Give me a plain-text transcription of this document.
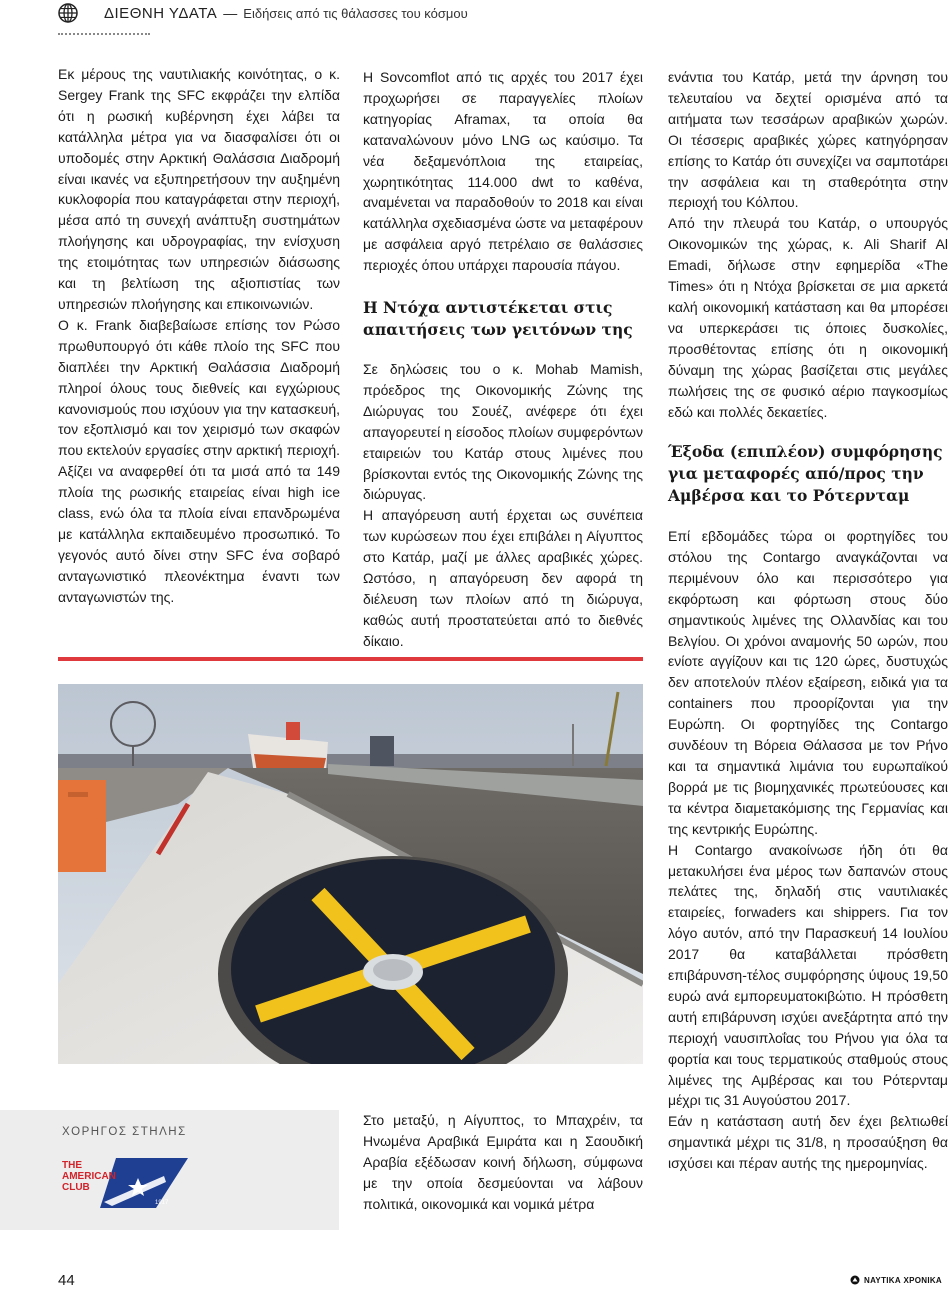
ΔΙΕΘΝΗ ΥΔΑΤΑ — Ειδήσεις από τις θάλασσες του κόσμου

Εκ μέρους της ναυτιλιακής κοινότητας, ο κ. Sergey Frank της SFC εκφράζει την ελπίδα ότι η ρωσική κυβέρνηση έχει λάβει τα κατάλληλα μέτρα για να διασφαλίσει ότι οι υποδομές στην Αρκτική Θαλάσσια Διαδρομή είναι ικανές να εξυπηρετήσουν την αυξημένη κυκλοφορία που καταγράφεται στην περιοχή, μέσα από τη συνεχή ανάπτυξη συστημάτων πλοήγησης και υδρογραφίας, την ενίσχυση της ετοιμότητας των υπηρεσιών διάσωσης και τη βελτίωση της αξιοπιστίας των υπηρεσιών πλοήγησης και επικοινωνιών.

Ο κ. Frank διαβεβαίωσε επίσης τον Ρώσο πρωθυπουργό ότι κάθε πλοίο της SFC που διαπλέει την Αρκτική Θαλάσσια Διαδρομή πληροί όλους τους διεθνείς και εγχώριους κανονισμούς που ισχύουν για την κατασκευή, τον εξοπλισμό και τον χειρισμό των σκαφών που εκτελούν εργασίες στην αρκτική περιοχή. Αξίζει να αναφερθεί ότι τα μισά από τα 149 πλοία της ρωσικής εταιρείας είναι high ice class, ενώ όλα τα πλοία είναι επανδρωμένα με κατάλληλα εκπαιδευμένο προσωπικό. Το γεγονός αυτό δίνει στην SFC ένα σοβαρό ανταγωνιστικό πλεονέκτημα έναντι των ανταγωνιστών της.

Η Sovcomflot από τις αρχές του 2017 έχει προχωρήσει σε παραγγελίες πλοίων κατηγορίας Aframax, τα οποία θα καταναλώνουν μόνο LNG ως καύσιμο. Τα νέα δεξαμενόπλοια της εταιρείας, χωρητικότητας 114.000 dwt το καθένα, αναμένεται να παραδοθούν το 2018 και είναι κατάλληλα σχεδιασμένα ώστε να μεταφέρουν με ασφάλεια αργό πετρέλαιο σε θαλάσσιες περιοχές όπου υπάρχει παρουσία πάγου.

Η Ντόχα αντιστέκεται στις απαιτήσεις των γειτόνων της

Σε δηλώσεις του ο κ. Mohab Mamish, πρόεδρος της Οικονομικής Ζώνης της Διώρυγας του Σουέζ, ανέφερε ότι έχει απαγορευτεί η είσοδος πλοίων συμφερόντων εταιρειών του Κατάρ στους λιμένες που βρίσκονται εντός της Οικονομικής Ζώνης της διώρυγας.

Η απαγόρευση αυτή έρχεται ως συνέπεια των κυρώσεων που έχει επιβάλει η Αίγυπτος στο Κατάρ, μαζί με άλλες αραβικές χώρες. Ωστόσο, η απαγόρευση δεν αφορά τη διέλευση των πλοίων από τη διώρυγα, καθώς αυτή προστατεύεται από το διεθνές δίκαιο.

Στο μεταξύ, η Αίγυπτος, το Μπαχρέιν, τα Ηνωμένα Αραβικά Εμιράτα και η Σαουδική Αραβία εξέδωσαν κοινή δήλωση, σύμφωνα με την οποία δεσμεύονται να λάβουν πολιτικά, οικονομικά και νομικά μέτρα

ενάντια του Κατάρ, μετά την άρνηση του τελευταίου να δεχτεί ορισμένα από τα αιτήματα των τεσσάρων αραβικών χωρών. Οι τέσσερις αραβικές χώρες κατηγόρησαν επίσης το Κατάρ ότι συνεχίζει να σαμποτάρει την ασφάλεια και τη σταθερότητα στην περιοχή του Κόλπου.

Από την πλευρά του Κατάρ, ο υπουργός Οικονομικών της χώρας, κ. Ali Sharif Al Emadi, δήλωσε στην εφημερίδα «The Times» ότι η Ντόχα βρίσκεται σε μια αρκετά καλή οικονομική κατάσταση και θα μπορέσει να υπερκεράσει τις όποιες δυσκολίες, προσθέτοντας επίσης ότι η οικονομική δύναμη της χώρας βασίζεται στις μεγάλες πωλήσεις της σε φυσικό αέριο παγκοσμίως εδώ και πολλές δεκαετίες.

Έξοδα (επιπλέον) συμφόρησης για μεταφορές από/προς την Αμβέρσα και το Ρότερνταμ

Επί εβδομάδες τώρα οι φορτηγίδες του στόλου της Contargo αναγκάζονται να περιμένουν όλο και περισσότερο για εκφόρτωση και φόρτωση στους δύο σημαντικούς λιμένες της Ολλανδίας και του Βελγίου. Οι χρόνοι αναμονής 50 ωρών, που ενίοτε αγγίζουν και τις 120 ώρες, δυστυχώς δεν αποτελούν πλέον εξαίρεση, ειδικά για τα containers που προορίζονται για την Ευρώπη. Οι φορτηγίδες της Contargo συνδέουν τη Βόρεια Θάλασσα με τον Ρήνο και τα σημαντικά λιμάνια του ευρωπαϊκού βορρά με τις βιομηχανικές πρωτεύουσες και τα κέντρα διαμετακόμισης της Γερμανίας και της κεντρικής Ευρώπης.

Η Contargo ανακοίνωσε ήδη ότι θα μετακυλήσει ένα μέρος των δαπανών στους πελάτες της, δηλαδή στις ναυτιλιακές εταιρείες, forwaders και shippers. Για τον λόγο αυτόν, από την Παρασκευή 14 Ιουλίου 2017 θα καταβάλλεται πρόσθετη επιβάρυνση-τέλος συμφόρησης ύψους 19,50 ευρώ ανά εμπορευματοκιβώτιο. Η πρόσθετη αυτή επιβάρυνση ισχύει ανεξάρτητα από την περιοχή ναυσιπλοΐας του Ρήνου για όλα τα φορτία και τους τερματικούς σταθμούς στους λιμένες της Αμβέρσας και του Ρότερνταμ μέχρι τις 31 Αυγούστου 2017.

Εάν η κατάσταση αυτή δεν έχει βελτιωθεί σημαντικά μέχρι τις 31/8, η προσαύξηση θα ισχύσει και πέραν αυτής της ημερομηνίας.

ΧΟΡΗΓΟΣ ΣΤΗΛΗΣ
THE
AMERICAN
CLUB
1917
44	ΝΑΥΤΙΚΑ ΧΡΟΝΙΚΑ
